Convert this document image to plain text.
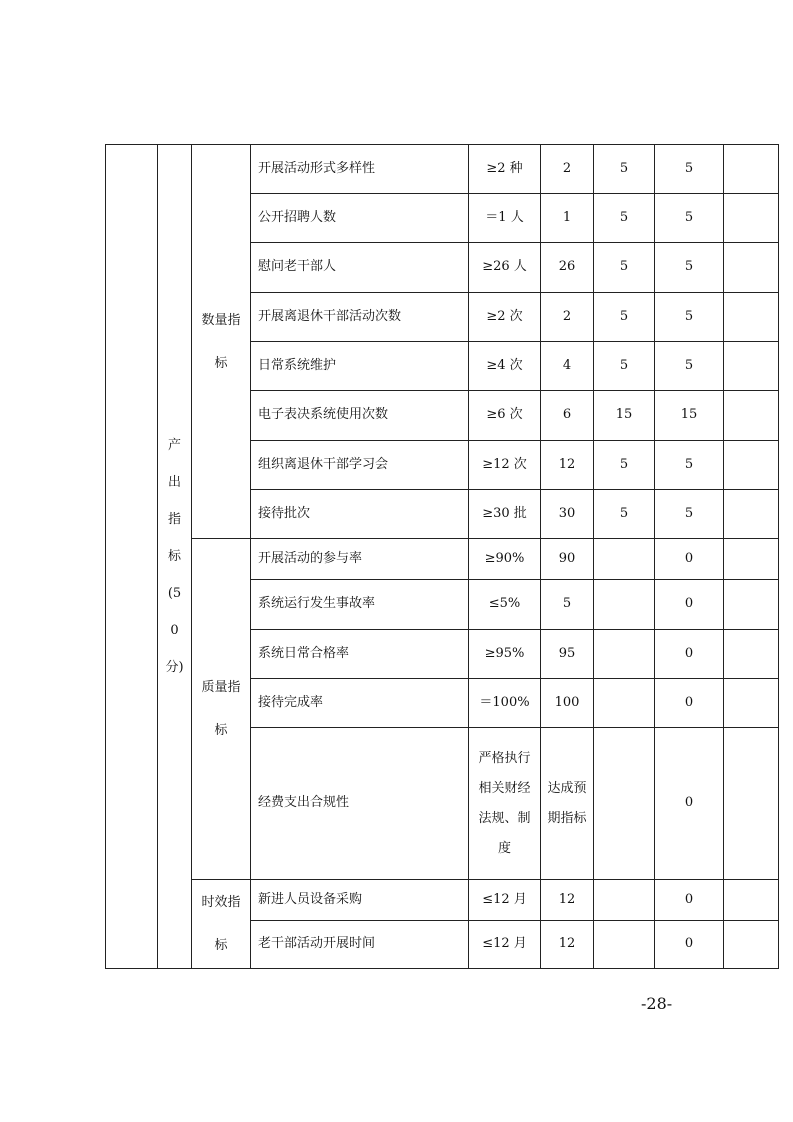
	产出指标(50分)	数量指标	开展活动形式多样性	≥2 种	2	5	5	
			公开招聘人数	＝1 人	1	5	5	
			慰问老干部人	≥26 人	26	5	5	
			开展离退休干部活动次数	≥2 次	2	5	5	
			日常系统维护	≥4 次	4	5	5	
			电子表决系统使用次数	≥6 次	6	15	15	
			组织离退休干部学习会	≥12 次	12	5	5	
			接待批次	≥30 批	30	5	5	
		质量指标	开展活动的参与率	≥90%	90		0	
			系统运行发生事故率	≤5%	5		0	
			系统日常合格率	≥95%	95		0	
			接待完成率	＝100%	100		0	
			经费支出合规性	严格执行相关财经法规、制度	达成预期指标		0	
		时效指标	新进人员设备采购	≤12 月	12		0	
			老干部活动开展时间	≤12 月	12		0	
-28-
